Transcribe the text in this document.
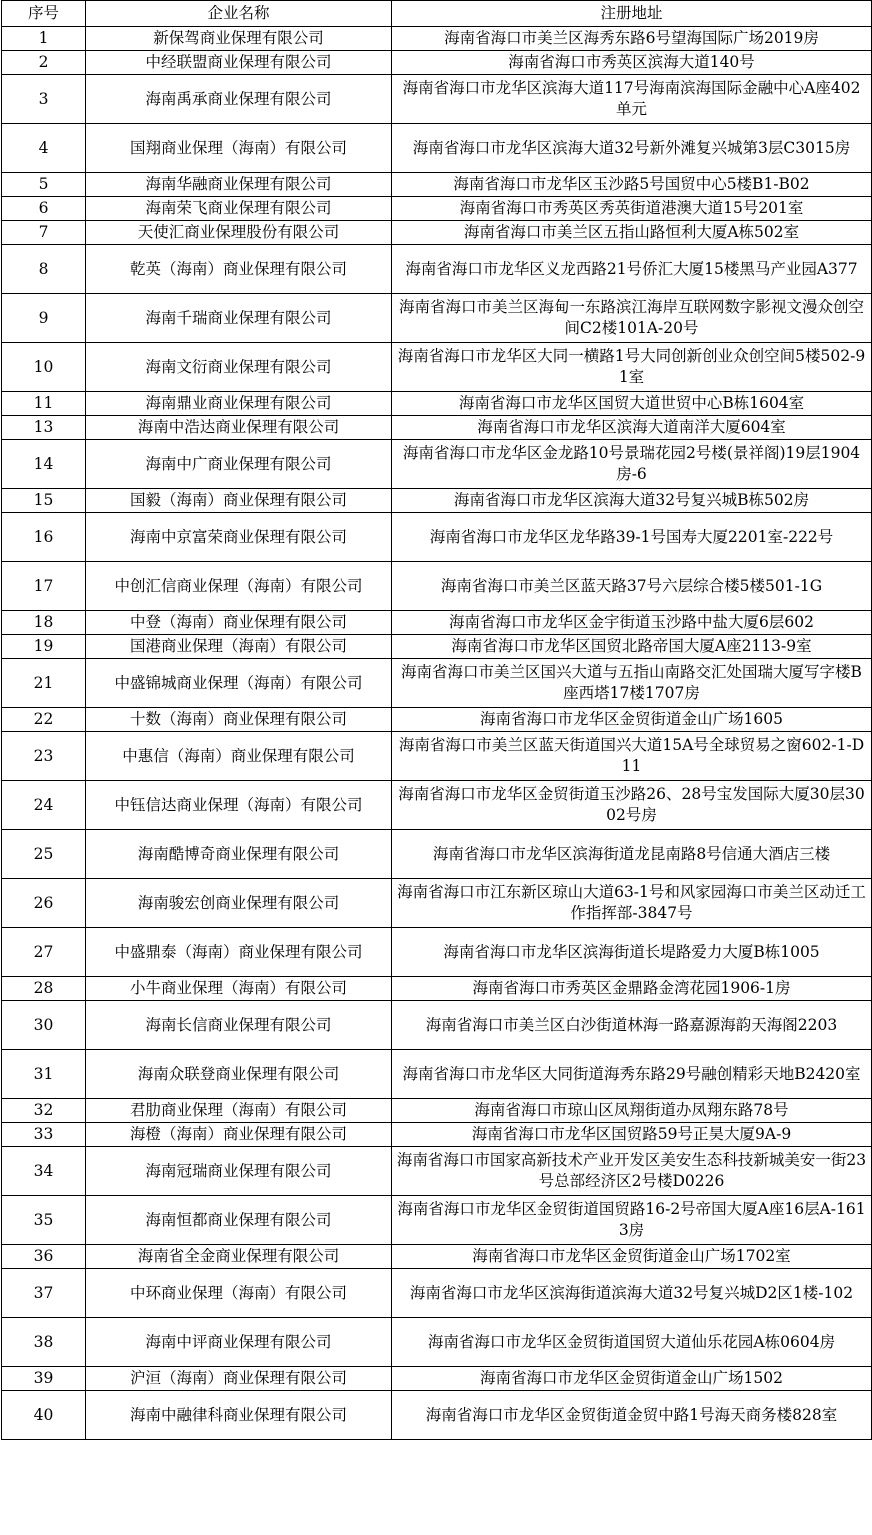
序号	企业名称	注册地址
1	新保驾商业保理有限公司	海南省海口市美兰区海秀东路6号望海国际广场2019房
2	中经联盟商业保理有限公司	海南省海口市秀英区滨海大道140号
3	海南禹承商业保理有限公司	海南省海口市龙华区滨海大道117号海南滨海国际金融中心A座402单元
4	国翔商业保理（海南）有限公司	海南省海口市龙华区滨海大道32号新外滩复兴城第3层C3015房
5	海南华融商业保理有限公司	海南省海口市龙华区玉沙路5号国贸中心5楼B1-B02
6	海南荣飞商业保理有限公司	海南省海口市秀英区秀英街道港澳大道15号201室
7	天使汇商业保理股份有限公司	海南省海口市美兰区五指山路恒利大厦A栋502室
8	乾英（海南）商业保理有限公司	海南省海口市龙华区义龙西路21号侨汇大厦15楼黑马产业园A377
9	海南千瑞商业保理有限公司	海南省海口市美兰区海甸一东路滨江海岸互联网数字影视文漫众创空间C2楼101A-20号
10	海南文衍商业保理有限公司	海南省海口市龙华区大同一横路1号大同创新创业众创空间5楼502-91室
11	海南鼎业商业保理有限公司	海南省海口市龙华区国贸大道世贸中心B栋1604室
13	海南中浩达商业保理有限公司	海南省海口市龙华区滨海大道南洋大厦604室
14	海南中广商业保理有限公司	海南省海口市龙华区金龙路10号景瑞花园2号楼(景祥阁)19层1904房-6
15	国毅（海南）商业保理有限公司	海南省海口市龙华区滨海大道32号复兴城B栋502房
16	海南中京富荣商业保理有限公司	海南省海口市龙华区龙华路39-1号国寿大厦2201室-222号
17	中创汇信商业保理（海南）有限公司	海南省海口市美兰区蓝天路37号六层综合楼5楼501-1G
18	中登（海南）商业保理有限公司	海南省海口市龙华区金宇街道玉沙路中盐大厦6层602
19	国港商业保理（海南）有限公司	海南省海口市龙华区国贸北路帝国大厦A座2113-9室
21	中盛锦城商业保理（海南）有限公司	海南省海口市美兰区国兴大道与五指山南路交汇处国瑞大厦写字楼B座西塔17楼1707房
22	十数（海南）商业保理有限公司	海南省海口市龙华区金贸街道金山广场1605
23	中惠信（海南）商业保理有限公司	海南省海口市美兰区蓝天街道国兴大道15A号全球贸易之窗602-1-D11
24	中钰信达商业保理（海南）有限公司	海南省海口市龙华区金贸街道玉沙路26、28号宝发国际大厦30层3002号房
25	海南酷博奇商业保理有限公司	海南省海口市龙华区滨海街道龙昆南路8号信通大酒店三楼
26	海南骏宏创商业保理有限公司	海南省海口市江东新区琼山大道63-1号和风家园海口市美兰区动迁工作指挥部-3847号
27	中盛鼎泰（海南）商业保理有限公司	海南省海口市龙华区滨海街道长堤路爱力大厦B栋1005
28	小牛商业保理（海南）有限公司	海南省海口市秀英区金鼎路金湾花园1906-1房
30	海南长信商业保理有限公司	海南省海口市美兰区白沙街道林海一路嘉源海韵天海阁2203
31	海南众联登商业保理有限公司	海南省海口市龙华区大同街道海秀东路29号融创精彩天地B2420室
32	君肋商业保理（海南）有限公司	海南省海口市琼山区凤翔街道办凤翔东路78号
33	海橙（海南）商业保理有限公司	海南省海口市龙华区国贸路59号正昊大厦9A-9
34	海南冠瑞商业保理有限公司	海南省海口市国家高新技术产业开发区美安生态科技新城美安一街23号总部经济区2号楼D0226
35	海南恒都商业保理有限公司	海南省海口市龙华区金贸街道国贸路16-2号帝国大厦A座16层A-1613房
36	海南省全金商业保理有限公司	海南省海口市龙华区金贸街道金山广场1702室
37	中环商业保理（海南）有限公司	海南省海口市龙华区滨海街道滨海大道32号复兴城D2区1楼-102
38	海南中评商业保理有限公司	海南省海口市龙华区金贸街道国贸大道仙乐花园A栋0604房
39	沪洹（海南）商业保理有限公司	海南省海口市龙华区金贸街道金山广场1502
40	海南中融律科商业保理有限公司	海南省海口市龙华区金贸街道金贸中路1号海天商务楼828室
